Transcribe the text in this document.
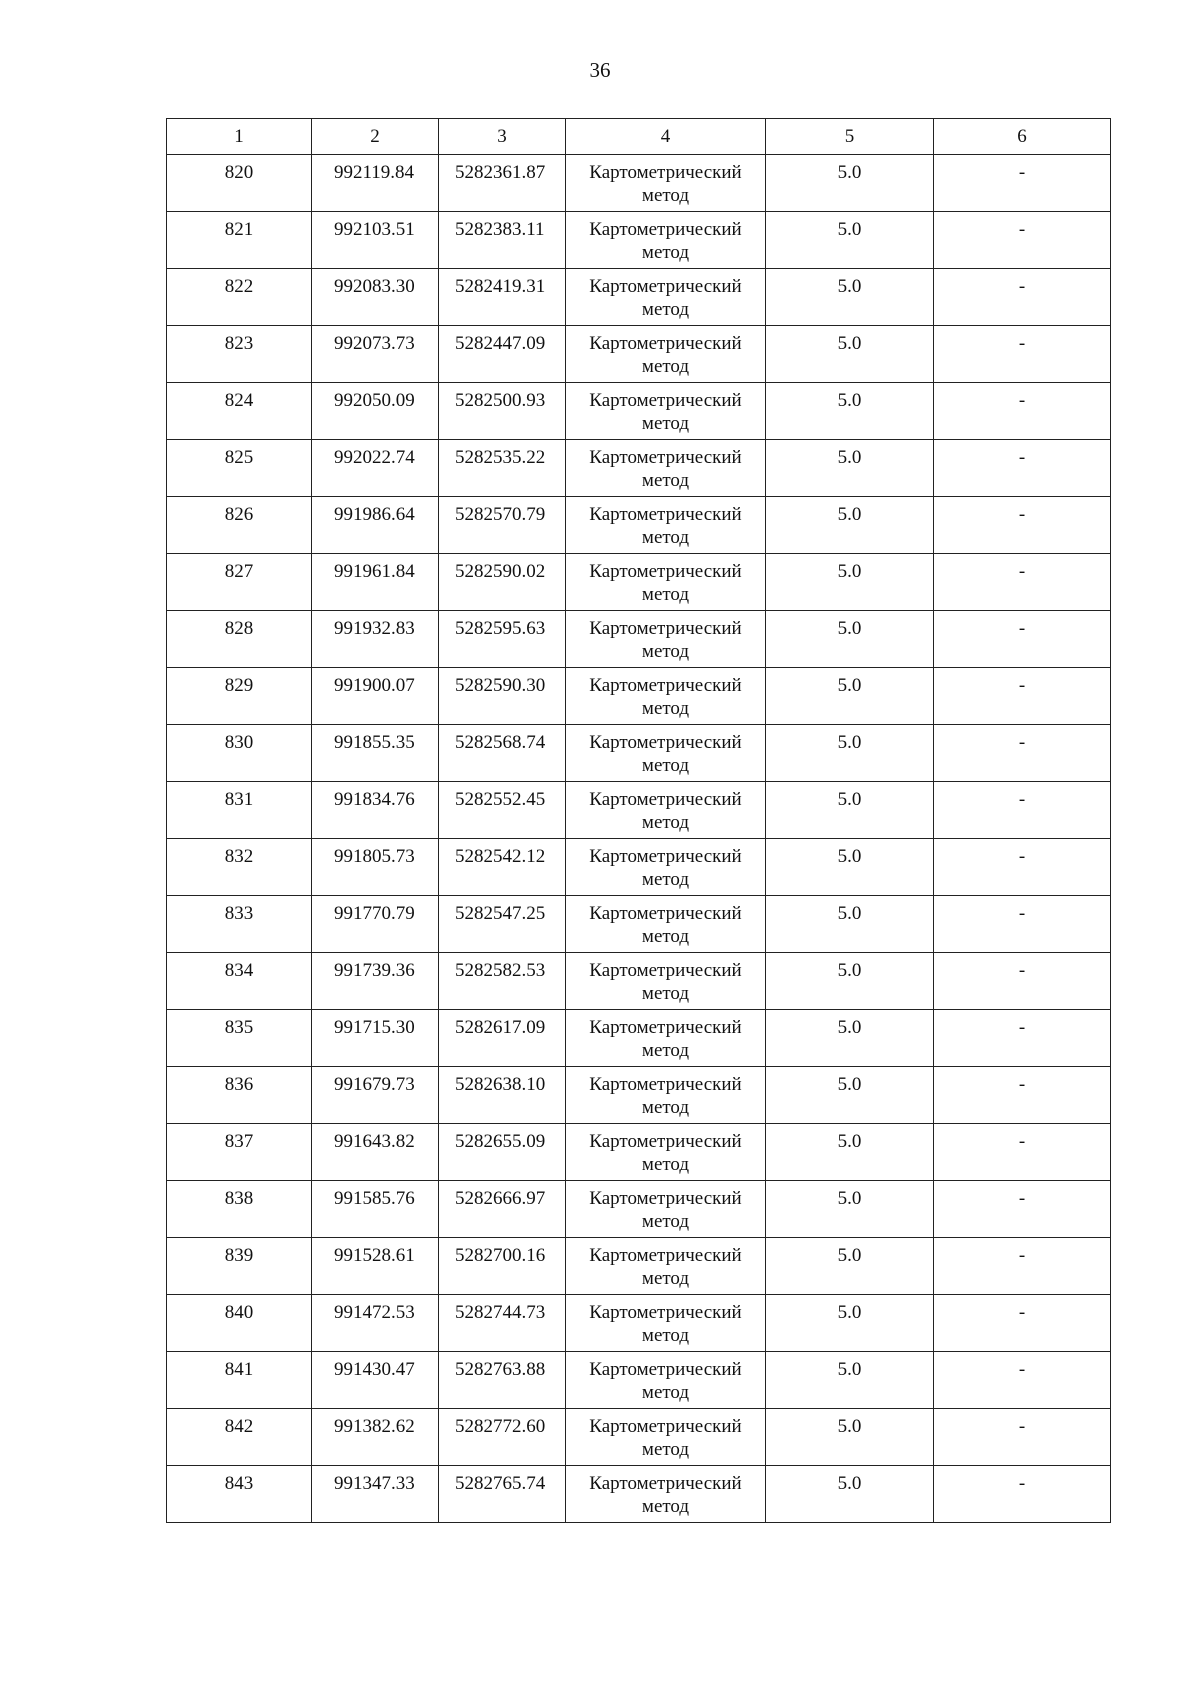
36
1	2	3	4	5	6
820	992119.84	5282361.87	Картометрический метод	5.0	-
821	992103.51	5282383.11	Картометрический метод	5.0	-
822	992083.30	5282419.31	Картометрический метод	5.0	-
823	992073.73	5282447.09	Картометрический метод	5.0	-
824	992050.09	5282500.93	Картометрический метод	5.0	-
825	992022.74	5282535.22	Картометрический метод	5.0	-
826	991986.64	5282570.79	Картометрический метод	5.0	-
827	991961.84	5282590.02	Картометрический метод	5.0	-
828	991932.83	5282595.63	Картометрический метод	5.0	-
829	991900.07	5282590.30	Картометрический метод	5.0	-
830	991855.35	5282568.74	Картометрический метод	5.0	-
831	991834.76	5282552.45	Картометрический метод	5.0	-
832	991805.73	5282542.12	Картометрический метод	5.0	-
833	991770.79	5282547.25	Картометрический метод	5.0	-
834	991739.36	5282582.53	Картометрический метод	5.0	-
835	991715.30	5282617.09	Картометрический метод	5.0	-
836	991679.73	5282638.10	Картометрический метод	5.0	-
837	991643.82	5282655.09	Картометрический метод	5.0	-
838	991585.76	5282666.97	Картометрический метод	5.0	-
839	991528.61	5282700.16	Картометрический метод	5.0	-
840	991472.53	5282744.73	Картометрический метод	5.0	-
841	991430.47	5282763.88	Картометрический метод	5.0	-
842	991382.62	5282772.60	Картометрический метод	5.0	-
843	991347.33	5282765.74	Картометрический метод	5.0	-
